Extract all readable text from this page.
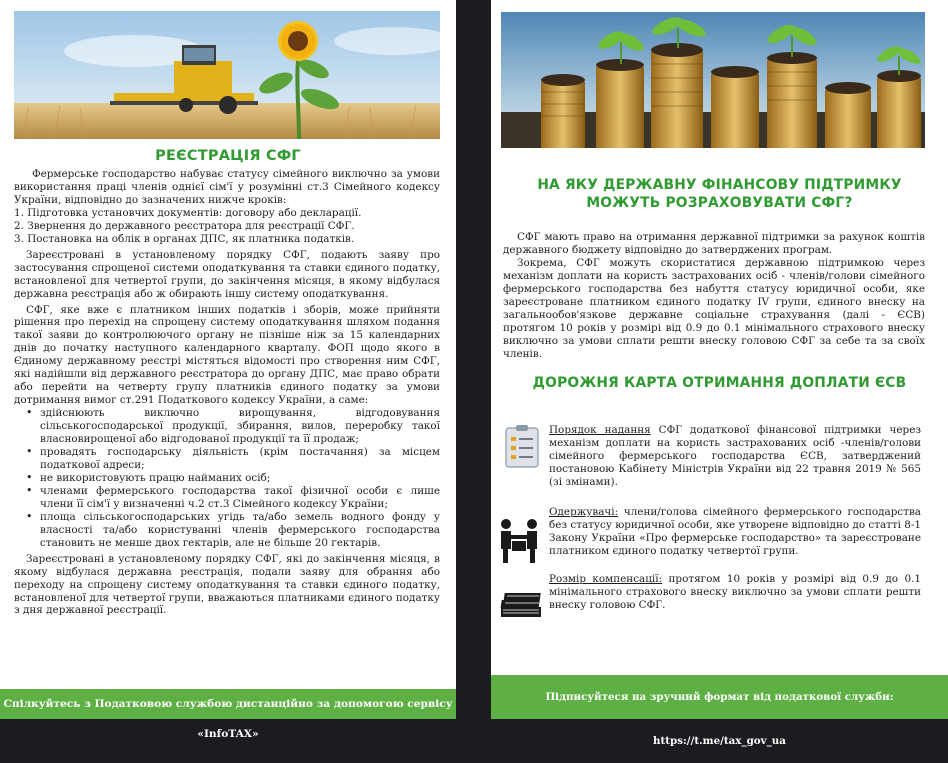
РЕЄСТРАЦІЯ СФГ

Фермерське господарство набуває статусу сімейного виключно за умови використання праці членів однієї сім'ї у розумінні ст.3 Сімейного кодексу України, відповідно до зазначених нижче кроків:

1. Підготовка установчих документів: договору або декларації.

2. Звернення до державного реєстратора для реєстрації СФГ.

3. Постановка на облік в органах ДПС, як платника податків.

Зареєстровані в установленому порядку СФГ, подають заяву про застосування спрощеної системи оподаткування та ставки єдиного податку, встановленої для четвертої групи, до закінчення місяця, в якому відбулася державна реєстрація або ж обирають іншу систему оподаткування.

СФГ, яке вже є платником інших податків і зборів, може прийняти рішення про перехід на спрощену систему оподаткування шляхом подання такої заяви до контролюючого органу не пізніше ніж за 15 календарних днів до початку наступного календарного кварталу. ФОП щодо якого в Єдиному державному реєстрі містяться відомості про створення ним СФГ, які надійшли від державного реєстратора до органу ДПС, має право обрати або перейти на четверту групу платників єдиного податку за умови дотримання вимог ст.291 Податкового кодексу України, а саме:

• здійснюють виключно вирощування, відгодовування сільськогосподарської продукції, збирання, вилов, переробку такої власновирощеної або відгодованої продукції та її продаж;
• провадять господарську діяльність (крім постачання) за місцем податкової адреси;
• не використовують працю найманих осіб;
• членами фермерського господарства такої фізичної особи є лише члени її сім'ї у визначенні ч.2 ст.3 Сімейного кодексу України;
• площа сільськогосподарських угідь та/або земель водного фонду у власності та/або користуванні членів фермерського господарства становить не менше двох гектарів, але не більше 20 гектарів.

Зареєстровані в установленому порядку СФГ, які до закінчення місяця, в якому відбулася державна реєстрація, подали заяву для обрання або переходу на спрощену систему оподаткування та ставки єдиного податку, встановленої для четвертої групи, вважаються платниками єдиного податку з дня державної реєстрації.

Спілкуйтесь з Податковою службою дистанційно за допомогою сервісу «InfoTAX»
НА ЯКУ ДЕРЖАВНУ ФІНАНСОВУ ПІДТРИМКУ
МОЖУТЬ РОЗРАХОВУВАТИ СФГ?

СФГ мають право на отримання державної підтримки за рахунок коштів державного бюджету відповідно до затверджених програм.

Зокрема, СФГ можуть скористатися державною підтримкою через механізм доплати на користь застрахованих осіб - членів/голови сімейного фермерського господарства без набуття статусу юридичної особи, яке зареєстроване платником єдиного податку IV групи, єдиного внеску на загальнообов'язкове державне соціальне страхування (далі - ЄСВ) протягом 10 років у розмірі від 0.9 до 0.1 мінімального страхового внеску виключно за умови сплати решти внеску головою СФГ за себе та за своїх членів.

ДОРОЖНЯ КАРТА ОТРИМАННЯ ДОПЛАТИ ЄСВ
Порядок надання СФГ додаткової фінансової підтримки через механізм доплати на користь застрахованих осіб -членів/голови сімейного фермерського господарства ЄСВ, затверджений постановою Кабінету Міністрів України від 22 травня 2019 № 565 (зі змінами).
Одержувачі: члени/голова сімейного фермерського господарства без статусу юридичної особи, яке утворене відповідно до статті 8-1 Закону України «Про фермерське господарство» та зареєстроване платником єдиного податку четвертої групи.
Розмір компенсації: протягом 10 років у розмірі від 0.9 до 0.1 мінімального страхового внеску виключно за умови сплати решти внеску головою СФГ.
Підписуйтеся на зручний формат від податкової служби: https://t.me/tax_gov_ua
